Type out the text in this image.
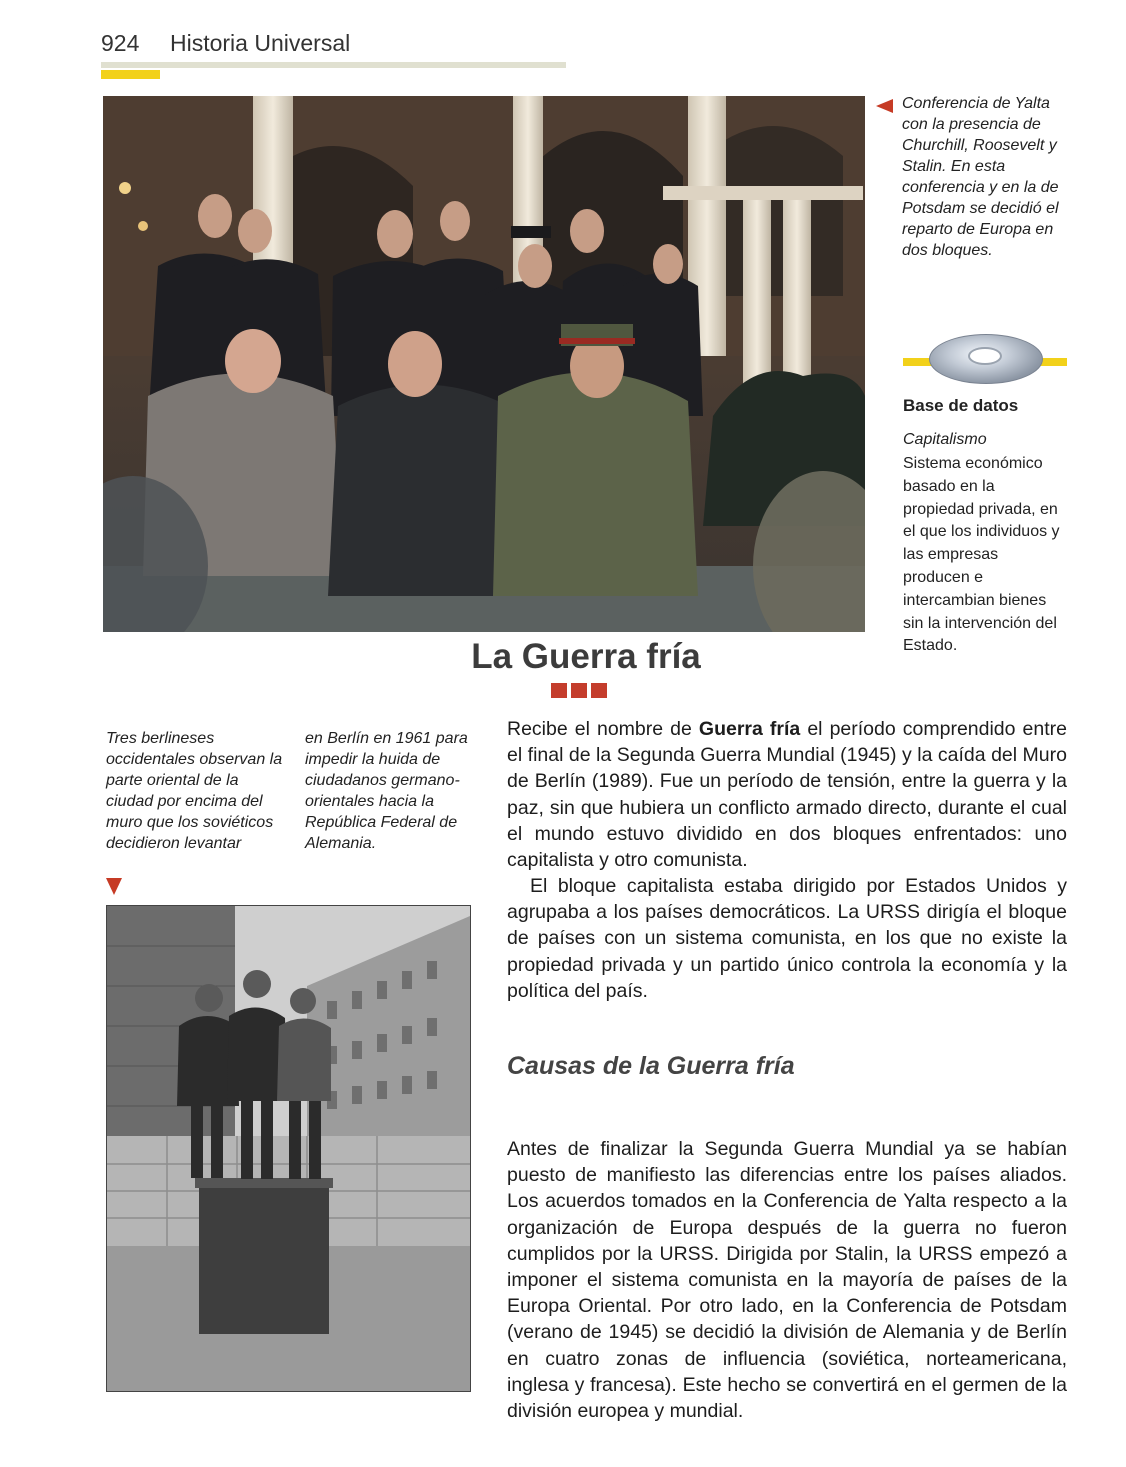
924 Historia Universal
Conferencia de Yalta con la presencia de Churchill, Roosevelt y Stalin. En esta conferencia y en la de Potsdam se decidió el reparto de Europa en dos bloques.
Base de datos
Capitalismo
Sistema económico basado en la propiedad privada, en el que los individuos y las empresas producen e intercambian bienes sin la intervención del Estado.
La Guerra fría
Tres berlineses occidentales observan la parte oriental de la ciudad por encima del muro que los soviéticos decidieron levantar
en Berlín en 1961 para impedir la huida de ciudadanos germano-orientales hacia la República Federal de Alemania.
Recibe el nombre de Guerra fría el período comprendido entre el final de la Segunda Guerra Mundial (1945) y la caída del Muro de Berlín (1989). Fue un período de tensión, entre la guerra y la paz, sin que hubiera un conflicto armado directo, durante el cual el mundo estuvo dividido en dos bloques enfrentados: uno capitalista y otro comunista.
El bloque capitalista estaba dirigido por Estados Unidos y agrupaba a los países democráticos. La URSS dirigía el bloque de países con un sistema comunista, en los que no existe la propiedad privada y un partido único controla la economía y la política del país.
Causas de la Guerra fría
Antes de finalizar la Segunda Guerra Mundial ya se habían puesto de manifiesto las diferencias entre los países aliados. Los acuerdos tomados en la Conferencia de Yalta respecto a la organización de Europa después de la guerra no fueron cumplidos por la URSS. Dirigida por Stalin, la URSS empezó a imponer el sistema comunista en la mayoría de países de la Europa Oriental. Por otro lado, en la Conferencia de Potsdam (verano de 1945) se decidió la división de Alemania y de Berlín en cuatro zonas de influencia (soviética, norteamericana, inglesa y francesa). Este hecho se convertirá en el germen de la división europea y mundial.
